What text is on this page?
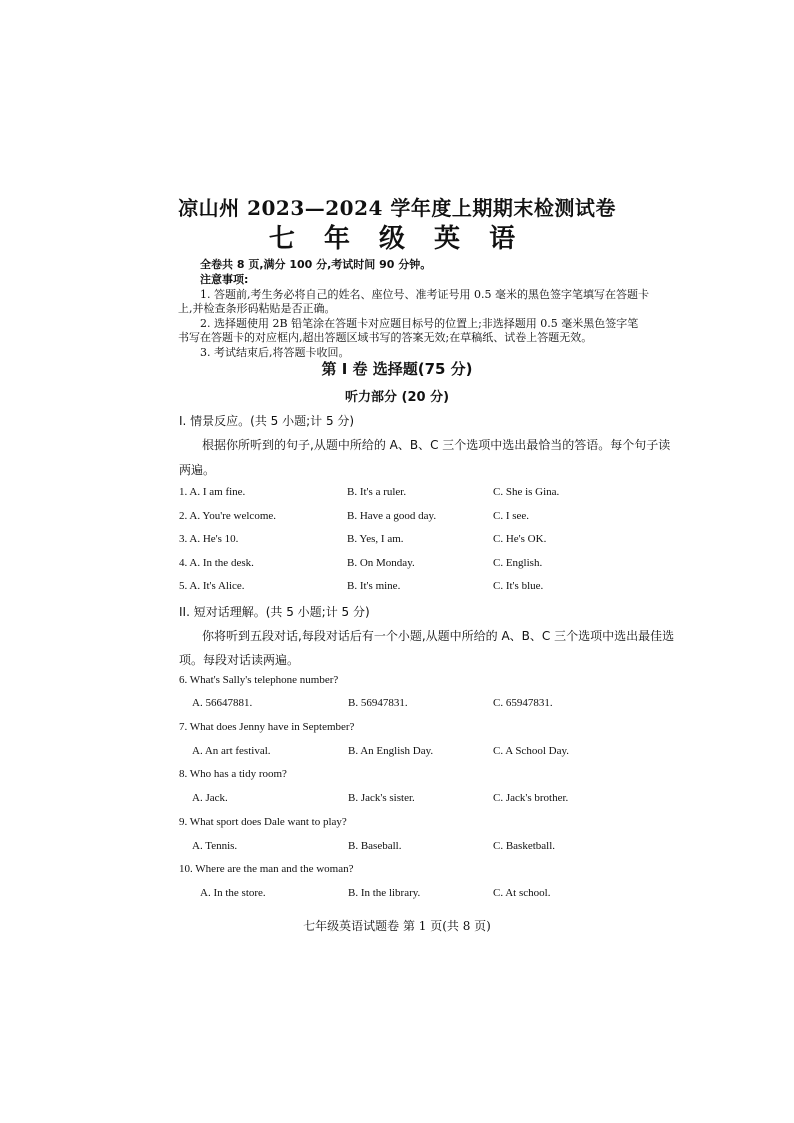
凉山州 2023—2024 学年度上期期末检测试卷
七 年 级 英 语
全卷共 8 页,满分 100 分,考试时间 90 分钟。
注意事项:
1. 答题前,考生务必将自己的姓名、座位号、准考证号用 0.5 毫米的黑色签字笔填写在答题卡
上,并检查条形码粘贴是否正确。
2. 选择题使用 2B 铅笔涂在答题卡对应题目标号的位置上;非选择题用 0.5 毫米黑色签字笔
书写在答题卡的对应框内,超出答题区域书写的答案无效;在草稿纸、试卷上答题无效。
3. 考试结束后,将答题卡收回。
第 I 卷 选择题(75 分)
听力部分 (20 分)
I. 情景反应。(共 5 小题;计 5 分)
根据你所听到的句子,从题中所给的 A、B、C 三个选项中选出最恰当的答语。每个句子读
两遍。
1. A. I am fine.	B. It's a ruler.	C. She is Gina.
2. A. You're welcome.	B. Have a good day.	C. I see.
3. A. He's 10.	B. Yes, I am.	C. He's OK.
4. A. In the desk.	B. On Monday.	C. English.
5. A. It's Alice.	B. It's mine.	C. It's blue.
II. 短对话理解。(共 5 小题;计 5 分)
你将听到五段对话,每段对话后有一个小题,从题中所给的 A、B、C 三个选项中选出最佳选
项。每段对话读两遍。
6. What's Sally's telephone number?
A. 56647881.	B. 56947831.	C. 65947831.
7. What does Jenny have in September?
A. An art festival.	B. An English Day.	C. A School Day.
8. Who has a tidy room?
A. Jack.	B. Jack's sister.	C. Jack's brother.
9. What sport does Dale want to play?
A. Tennis.	B. Baseball.	C. Basketball.
10. Where are the man and the woman?
A. In the store.	B. In the library.	C. At school.
七年级英语试题卷 第 1 页(共 8 页)
